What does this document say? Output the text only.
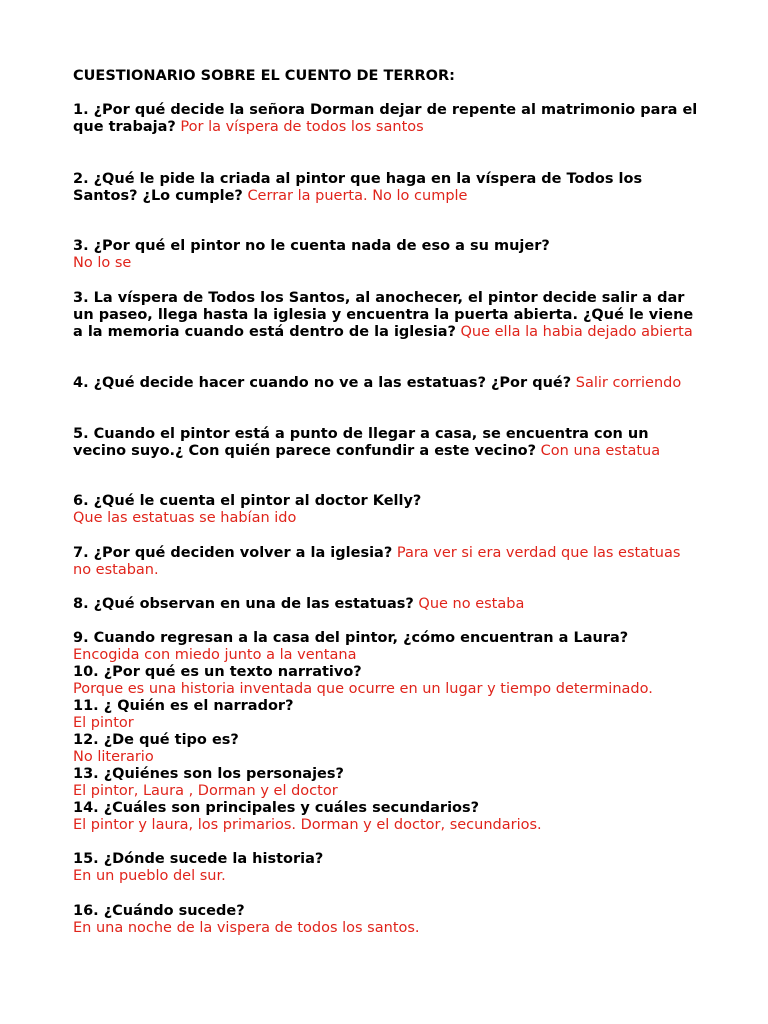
CUESTIONARIO SOBRE EL CUENTO DE TERROR:
1. ¿Por qué decide la señora Dorman dejar de repente al matrimonio para el que trabaja? Por la víspera de todos los santos
2. ¿Qué le pide la criada al pintor que haga en la víspera de Todos los Santos? ¿Lo cumple? Cerrar la puerta. No lo cumple
3. ¿Por qué el pintor no le cuenta nada de eso a su mujer?
No lo se
3. La víspera de Todos los Santos, al anochecer, el pintor decide salir a dar un paseo, llega hasta la iglesia y encuentra la puerta abierta. ¿Qué le viene a la memoria cuando está dentro de la iglesia? Que ella la habia dejado abierta
4. ¿Qué decide hacer cuando no ve a las estatuas? ¿Por qué? Salir corriendo
5. Cuando el pintor está a punto de llegar a casa, se encuentra con un vecino suyo.¿ Con quién parece confundir a este vecino? Con una estatua
6. ¿Qué le cuenta el pintor al doctor Kelly?
Que las estatuas se habían ido
7. ¿Por qué deciden volver a la iglesia? Para ver si era verdad que las estatuas no estaban.
8. ¿Qué observan en una de las estatuas? Que no estaba
9. Cuando regresan a la casa del pintor, ¿cómo encuentran a Laura?
Encogida con miedo junto a la ventana
10. ¿Por qué es un texto narrativo?
Porque es una historia inventada que ocurre en un lugar y tiempo determinado.
11. ¿ Quién es el narrador?
El pintor
12. ¿De qué tipo es?
No literario
13. ¿Quiénes son los personajes?
El pintor, Laura , Dorman y el doctor
14. ¿Cuáles son principales y cuáles secundarios?
El pintor y laura, los primarios. Dorman y el doctor, secundarios.
15. ¿Dónde sucede la historia?
En un pueblo del sur.
16. ¿Cuándo sucede?
En una noche de la vispera de todos los santos.
